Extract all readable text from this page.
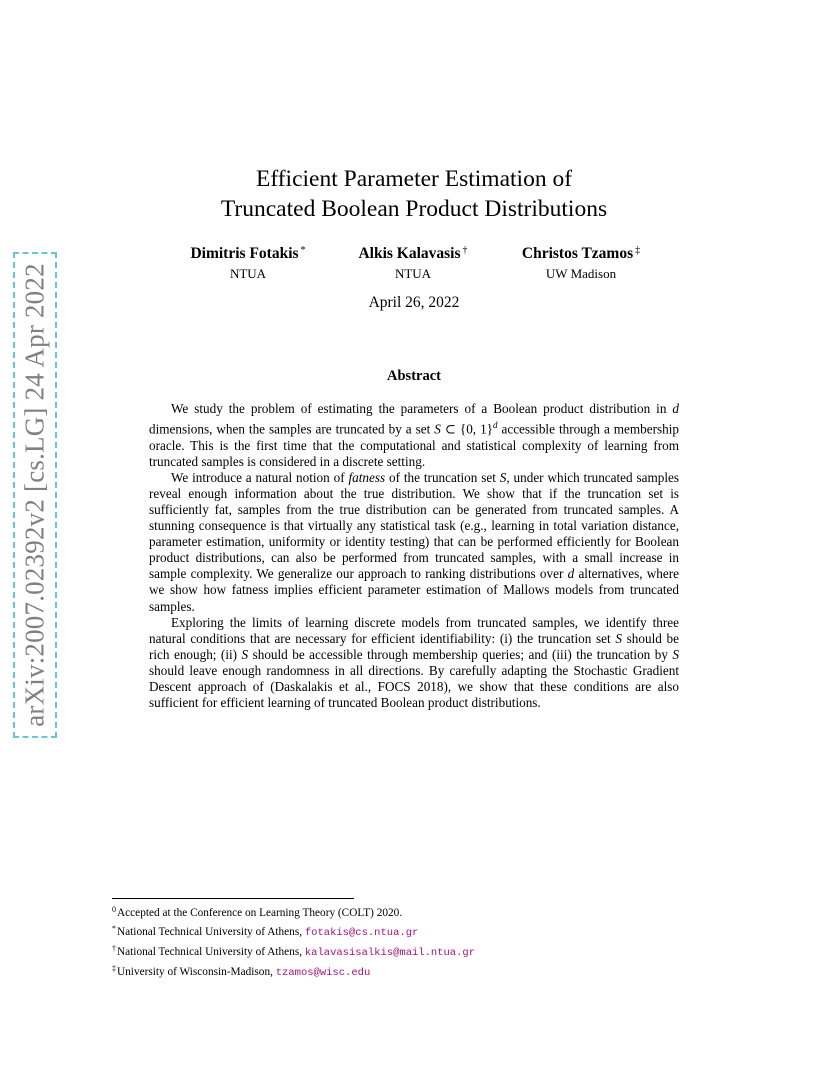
arXiv:2007.02392v2 [cs.LG] 24 Apr 2022
Efficient Parameter Estimation of
Truncated Boolean Product Distributions
Dimitris Fotakis *
NTUA
Alkis Kalavasis †
NTUA
Christos Tzamos ‡
UW Madison
April 26, 2022
Abstract

We study the problem of estimating the parameters of a Boolean product distribution in d dimensions, when the samples are truncated by a set S ⊂ {0, 1}$^d$ accessible through a membership oracle. This is the first time that the computational and statistical complexity of learning from truncated samples is considered in a discrete setting.

We introduce a natural notion of fatness of the truncation set S, under which truncated samples reveal enough information about the true distribution. We show that if the truncation set is sufficiently fat, samples from the true distribution can be generated from truncated samples. A stunning consequence is that virtually any statistical task (e.g., learning in total variation distance, parameter estimation, uniformity or identity testing) that can be performed efficiently for Boolean product distributions, can also be performed from truncated samples, with a small increase in sample complexity. We generalize our approach to ranking distributions over d alternatives, where we show how fatness implies efficient parameter estimation of Mallows models from truncated samples.

Exploring the limits of learning discrete models from truncated samples, we identify three natural conditions that are necessary for efficient identifiability: (i) the truncation set S should be rich enough; (ii) S should be accessible through membership queries; and (iii) the truncation by S should leave enough randomness in all directions. By carefully adapting the Stochastic Gradient Descent approach of (Daskalakis et al., FOCS 2018), we show that these conditions are also sufficient for efficient learning of truncated Boolean product distributions.

$^0$Accepted at the Conference on Learning Theory (COLT) 2020.
*National Technical University of Athens, fotakis@cs.ntua.gr
†National Technical University of Athens, kalavasisalkis@mail.ntua.gr
‡University of Wisconsin-Madison, tzamos@wisc.edu
